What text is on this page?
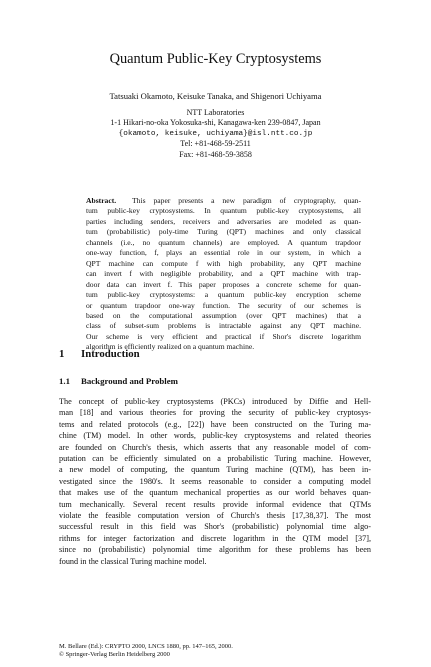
Quantum Public-Key Cryptosystems
Tatsuaki Okamoto, Keisuke Tanaka, and Shigenori Uchiyama
NTT Laboratories
1-1 Hikari-no-oka Yokosuka-shi, Kanagawa-ken 239-0847, Japan
{okamoto, keisuke, uchiyama}@isl.ntt.co.jp
Tel: +81-468-59-2511
Fax: +81-468-59-3858
Abstract. This paper presents a new paradigm of cryptography, quan-
tum public-key cryptosystems. In quantum public-key cryptosystems, all
parties including senders, receivers and adversaries are modeled as quan-
tum (probabilistic) poly-time Turing (QPT) machines and only classical
channels (i.e., no quantum channels) are employed. A quantum trapdoor
one-way function, f, plays an essential role in our system, in which a
QPT machine can compute f with high probability, any QPT machine
can invert f with negligible probability, and a QPT machine with trap-
door data can invert f. This paper proposes a concrete scheme for quan-
tum public-key cryptosystems: a quantum public-key encryption scheme
or quantum trapdoor one-way function. The security of our schemes is
based on the computational assumption (over QPT machines) that a
class of subset-sum problems is intractable against any QPT machine.
Our scheme is very efficient and practical if Shor's discrete logarithm
algorithm is efficiently realized on a quantum machine.
1 Introduction
1.1 Background and Problem
The concept of public-key cryptosystems (PKCs) introduced by Diffie and Hell-
man [18] and various theories for proving the security of public-key cryptosys-
tems and related protocols (e.g., [22]) have been constructed on the Turing ma-
chine (TM) model. In other words, public-key cryptosystems and related theories
are founded on Church's thesis, which asserts that any reasonable model of com-
putation can be efficiently simulated on a probabilistic Turing machine. However,
a new model of computing, the quantum Turing machine (QTM), has been in-
vestigated since the 1980's. It seems reasonable to consider a computing model
that makes use of the quantum mechanical properties as our world behaves quan-
tum mechanically. Several recent results provide informal evidence that QTMs
violate the feasible computation version of Church's thesis [17,38,37]. The most
successful result in this field was Shor's (probabilistic) polynomial time algo-
rithms for integer factorization and discrete logarithm in the QTM model [37],
since no (probabilistic) polynomial time algorithm for these problems has been
found in the classical Turing machine model.
M. Bellare (Ed.): CRYPTO 2000, LNCS 1880, pp. 147–165, 2000.
© Springer-Verlag Berlin Heidelberg 2000
